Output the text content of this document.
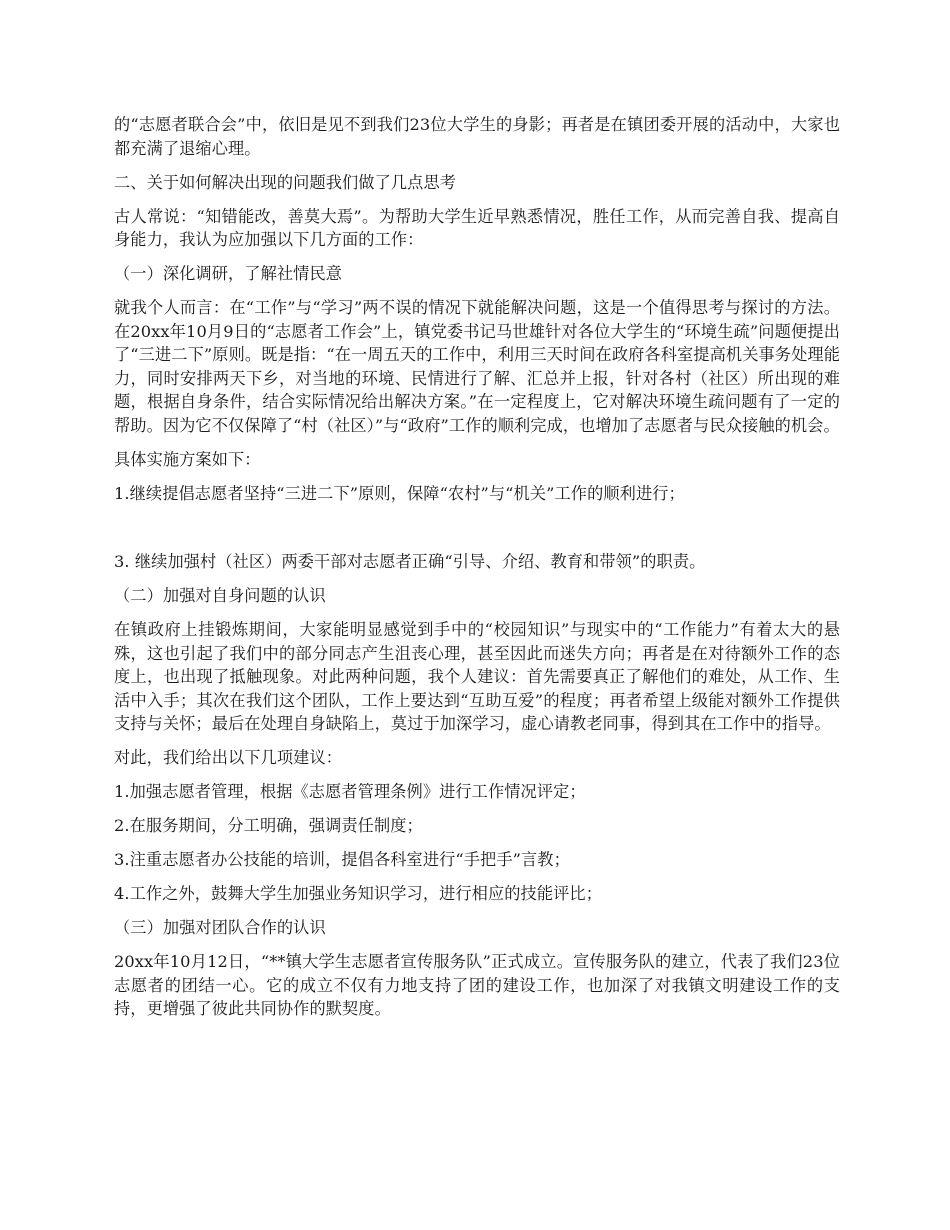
的“志愿者联合会”中，依旧是见不到我们23位大学生的身影；再者是在镇团委开展的活动中，大家也都充满了退缩心理。

二、关于如何解决出现的问题我们做了几点思考

古人常说：“知错能改，善莫大焉”。为帮助大学生近早熟悉情况，胜任工作，从而完善自我、提高自身能力，我认为应加强以下几方面的工作：

（一）深化调研，了解社情民意

就我个人而言：在“工作”与“学习”两不误的情况下就能解决问题，这是一个值得思考与探讨的方法。在20xx年10月9日的“志愿者工作会”上，镇党委书记马世雄针对各位大学生的“环境生疏”问题便提出了“三进二下”原则。既是指：“在一周五天的工作中，利用三天时间在政府各科室提高机关事务处理能力，同时安排两天下乡，对当地的环境、民情进行了解、汇总并上报，针对各村（社区）所出现的难题，根据自身条件，结合实际情况给出解决方案。”在一定程度上，它对解决环境生疏问题有了一定的帮助。因为它不仅保障了“村（社区）”与“政府”工作的顺利完成，也增加了志愿者与民众接触的机会。

具体实施方案如下：

1.继续提倡志愿者坚持“三进二下”原则，保障“农村”与“机关”工作的顺利进行；

3. 继续加强村（社区）两委干部对志愿者正确“引导、介绍、教育和带领”的职责。

（二）加强对自身问题的认识

在镇政府上挂锻炼期间，大家能明显感觉到手中的“校园知识”与现实中的“工作能力”有着太大的悬殊，这也引起了我们中的部分同志产生沮丧心理，甚至因此而迷失方向；再者是在对待额外工作的态度上，也出现了抵触现象。对此两种问题，我个人建议：首先需要真正了解他们的难处，从工作、生活中入手；其次在我们这个团队，工作上要达到“互助互爱”的程度；再者希望上级能对额外工作提供支持与关怀；最后在处理自身缺陷上，莫过于加深学习，虚心请教老同事，得到其在工作中的指导。

对此，我们给出以下几项建议：

1.加强志愿者管理，根据《志愿者管理条例》进行工作情况评定；

2.在服务期间，分工明确，强调责任制度；

3.注重志愿者办公技能的培训，提倡各科室进行“手把手”言教；

4.工作之外，鼓舞大学生加强业务知识学习，进行相应的技能评比；

（三）加强对团队合作的认识

20xx年10月12日，“**镇大学生志愿者宣传服务队”正式成立。宣传服务队的建立，代表了我们23位志愿者的团结一心。它的成立不仅有力地支持了团的建设工作，也加深了对我镇文明建设工作的支持，更增强了彼此共同协作的默契度。
